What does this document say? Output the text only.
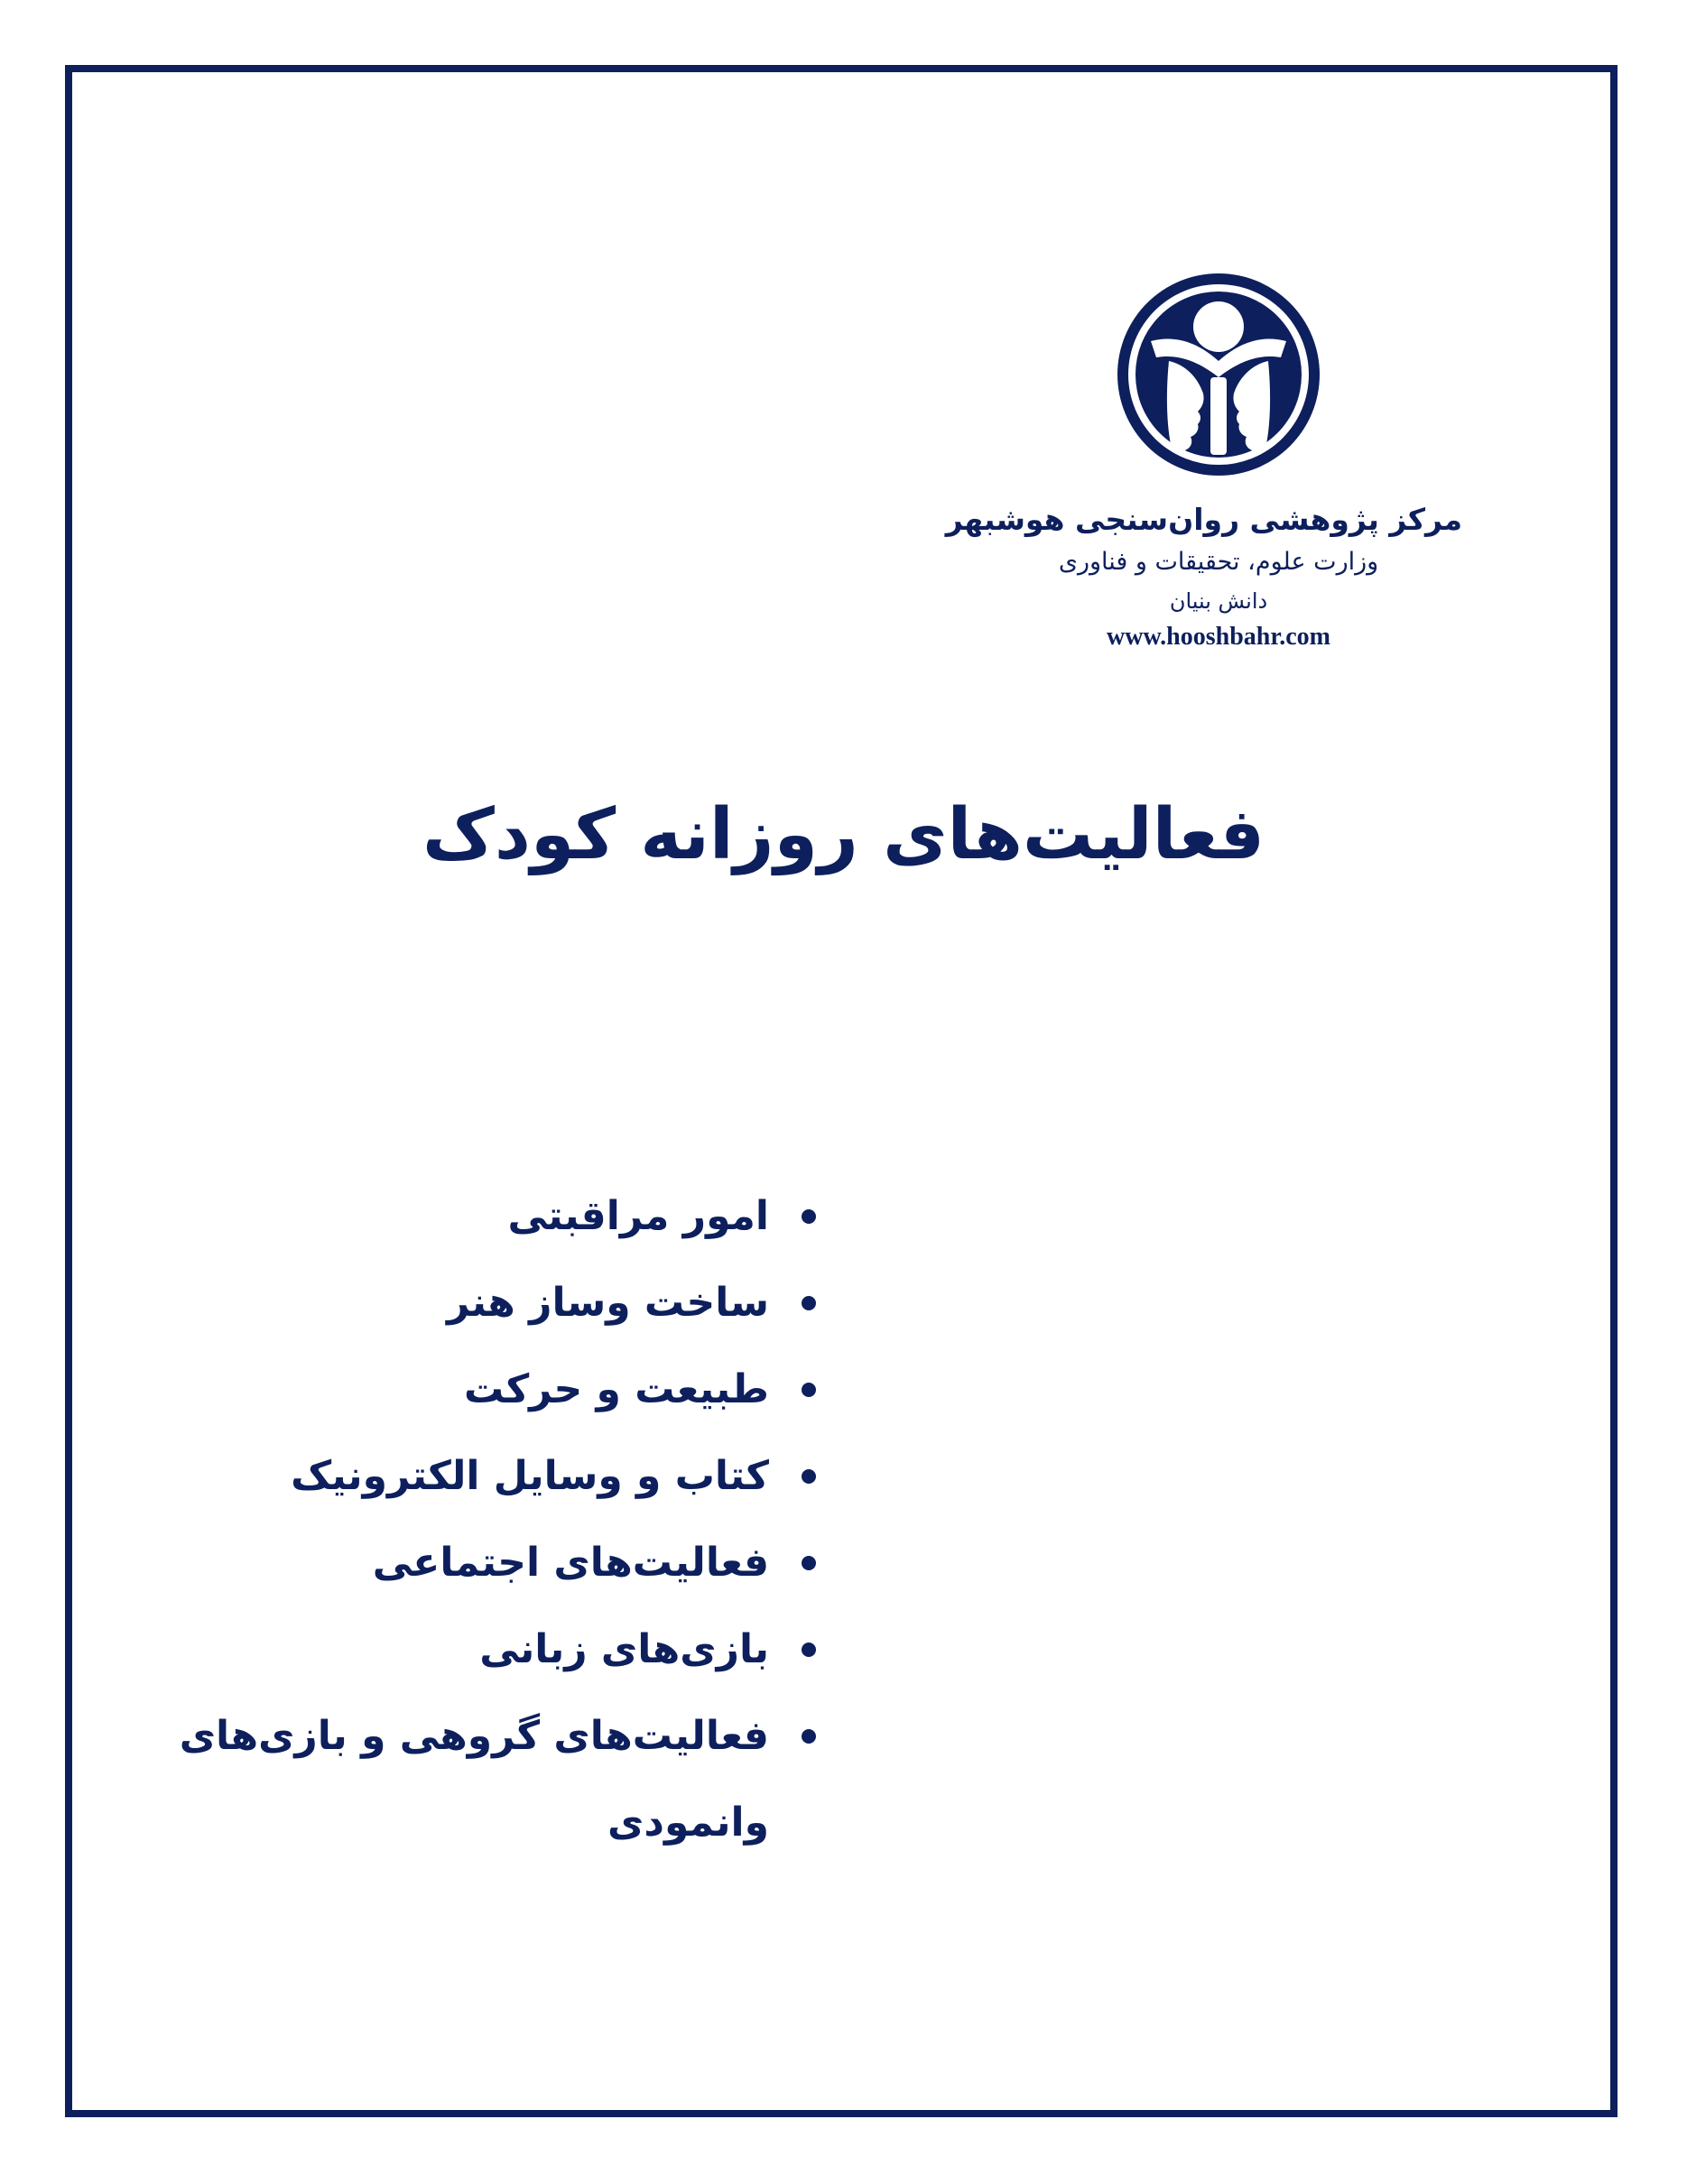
مرکز پژوهشی روان‌سنجی هوشبهر
وزارت علوم، تحقیقات و فناوری
دانش بنیان
www.hooshbahr.com
فعالیت‌های روزانه کودک
امور مراقبتی
ساخت وساز هنر
طبیعت و حرکت
کتاب و وسایل الکترونیک
فعالیت‌های اجتماعی
بازی‌های زبانی
فعالیت‌های گروهی و بازی‌های وانمودی
